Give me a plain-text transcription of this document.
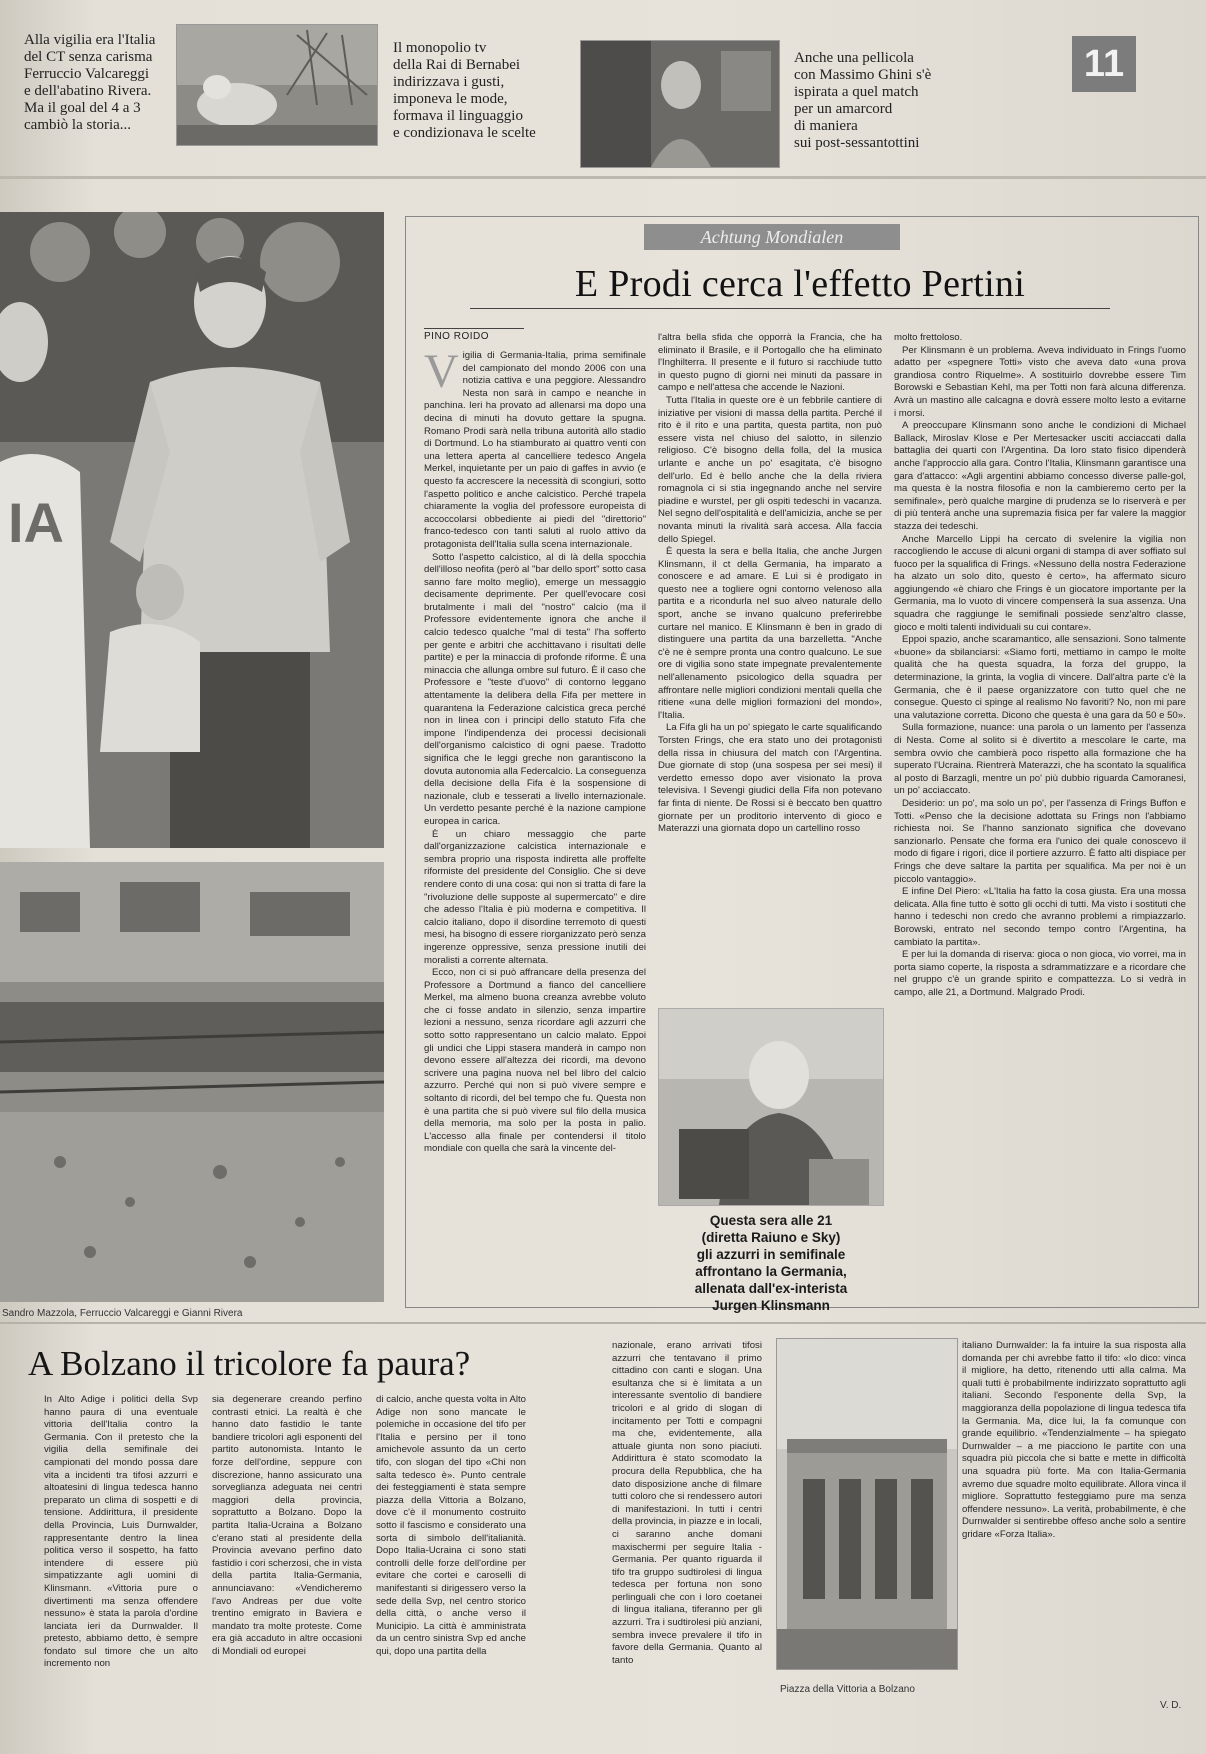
Alla vigilia era l'Italia
del CT senza carisma
Ferruccio Valcareggi
e dell'abatino Rivera.
Ma il goal del 4 a 3
cambiò la storia...
Il monopolio tv
della Rai di Bernabei
indirizzava i gusti,
imponeva le mode,
formava il linguaggio
e condizionava le scelte
Anche una pellicola
con Massimo Ghini s'è
ispirata a quel match
per un amarcord
di maniera
sui post-sessantottini
11
IA
Sandro Mazzola, Ferruccio Valcareggi e Gianni Rivera
Achtung Mondialen
E Prodi cerca l'effetto Pertini
PINO ROIDO
V igilia di Germania-Italia, prima semifinale del campionato del mondo 2006 con una notizia cattiva e una peggiore. Alessandro Nesta non sarà in campo e neanche in panchina. Ieri ha provato ad allenarsi ma dopo una decina di minuti ha dovuto gettare la spugna. Romano Prodi sarà nella tribuna autorità allo stadio di Dortmund. Lo ha stiamburato ai quattro venti con una lettera aperta al cancelliere tedesco Angela Merkel, inquietante per un paio di gaffes in avvio (e questo fa accrescere la necessità di scongiuri, sotto l'aspetto politico e anche calcistico. Perché trapela chiaramente la voglia del professore europeista di accoccolarsi obbediente ai piedi del "direttorio" franco-tedesco con tanti saluti al ruolo attivo da protagonista dell'Italia sulla scena internazionale.

Sotto l'aspetto calcistico, al di là della spocchia dell'illoso neofita (però al "bar dello sport" sotto casa sanno fare molto meglio), emerge un messaggio decisamente deprimente. Per quell'evocare così brutalmente i mali del "nostro" calcio (ma il Professore evidentemente ignora che anche il calcio tedesco qualche "mal di testa" l'ha sofferto per gente e arbitri che acchittavano i risultati delle partite) e per la minaccia di profonde riforme. È una minaccia che allunga ombre sul futuro. È il caso che Professore e "teste d'uovo" di contorno leggano attentamente la delibera della Fifa per mettere in quarantena la Federazione calcistica greca perché non in linea con i principi dello statuto Fifa che impone l'indipendenza dei processi decisionali dell'organismo calcistico di ogni paese. Tradotto significa che le leggi greche non garantiscono la dovuta autonomia alla Federcalcio. La conseguenza della decisione della Fifa è la sospensione di nazionale, club e tesserati a livello internazionale. Un verdetto pesante perché è la nazione campione europea in carica.

È un chiaro messaggio che parte dall'organizzazione calcistica internazionale e sembra proprio una risposta indiretta alle proffelte riformiste del presidente del Consiglio. Che si deve rendere conto di una cosa: qui non si tratta di fare la "rivoluzione delle supposte al supermercato" e dire che adesso l'Italia è più moderna e competitiva. Il calcio italiano, dopo il disordine terremoto di questi mesi, ha bisogno di essere riorganizzato però senza ingerenze oppressive, senza pressione inutili dei moralisti a corrente alternata.

Ecco, non ci si può affrancare della presenza del Professore a Dortmund a fianco del cancelliere Merkel, ma almeno buona creanza avrebbe voluto che ci fosse andato in silenzio, senza impartire lezioni a nessuno, senza ricordare agli azzurri che sotto sotto rappresentano un calcio malato. Eppoi gli undici che Lippi stasera manderà in campo non devono essere all'altezza dei ricordi, ma devono scrivere una pagina nuova nel bel libro del calcio azzurro. Perché qui non si può vivere sempre e soltanto di ricordi, del bel tempo che fu. Questa non è una partita che si può vivere sul filo della musica della memoria, ma solo per la posta in palio. L'accesso alla finale per contendersi il titolo mondiale con quella che sarà la vincente del-

l'altra bella sfida che opporrà la Francia, che ha eliminato il Brasile, e il Portogallo che ha eliminato l'Inghilterra. Il presente e il futuro si racchiude tutto in questo pugno di giorni nei minuti da passare in campo e nell'attesa che accende le Nazioni.

Tutta l'Italia in queste ore è un febbrile cantiere di iniziative per visioni di massa della partita. Perché il rito è il rito e una partita, questa partita, non può essere vista nel chiuso del salotto, in silenzio religioso. C'è bisogno della folla, del la musica urlante e anche un po' esagitata, c'è bisogno dell'urlo. Ed è bello anche che la della riviera romagnola ci si stia ingegnando anche nel servire piadine e wurstel, per gli ospiti tedeschi in vacanza. Nel segno dell'ospitalità e dell'amicizia, anche se per novanta minuti la rivalità sarà accesa. Alla faccia dello Spiegel.

È questa la sera e bella Italia, che anche Jurgen Klinsmann, il ct della Germania, ha imparato a conoscere e ad amare. E Lui si è prodigato in questo nee a togliere ogni contorno velenoso alla partita e a ricondurla nel suo alveo naturale dello sport, anche se invano qualcuno preferirebbe curtare nel manico. E Klinsmann è ben in grado di distinguere una partita da una barzelletta. "Anche c'è ne è sempre pronta una contro qualcuno. Le sue ore di vigilia sono state impegnate prevalentemente nell'allenamento psicologico della squadra per affrontare nelle migliori condizioni mentali quella che ritiene «una delle migliori formazioni del mondo», l'Italia.

La Fifa gli ha un po' spiegato le carte squalificando Torsten Frings, che era stato uno dei protagonisti della rissa in chiusura del match con l'Argentina. Due giornate di stop (una sospesa per sei mesi) il verdetto emesso dopo aver visionato la prova televisiva. I Sevengi giudici della Fifa non potevano far finta di niente. De Rossi si è beccato ben quattro giornate per un proditorio intervento di gioco e Materazzi una giornata dopo un cartellino rosso

Questa sera alle 21
(diretta Raiuno e Sky)
gli azzurri in semifinale
affrontano la Germania,
allenata dall'ex-interista
Jurgen Klinsmann

molto frettoloso.

Per Klinsmann è un problema. Aveva individuato in Frings l'uomo adatto per «spegnere Totti» visto che aveva dato «una prova grandiosa contro Riquelme». A sostituirlo dovrebbe essere Tim Borowski e Sebastian Kehl, ma per Totti non farà alcuna differenza. Avrà un mastino alle calcagna e dovrà essere molto lesto a evitarne i morsi.

A preoccupare Klinsmann sono anche le condizioni di Michael Ballack, Miroslav Klose e Per Mertesacker usciti acciaccati dalla battaglia dei quarti con l'Argentina. Da loro stato fisico dipenderà anche l'approccio alla gara. Contro l'Italia, Klinsmann garantisce una gara d'attacco: «Agli argentini abbiamo concesso diverse palle-gol, ma questa è la nostra filosofia e non la cambieremo certo per la semifinale», però qualche margine di prudenza se lo riserverà e per di più tenterà anche una supremazia fisica per far valere la maggior stazza dei tedeschi.

Anche Marcello Lippi ha cercato di svelenire la vigilia non raccogliendo le accuse di alcuni organi di stampa di aver soffiato sul fuoco per la squalifica di Frings. «Nessuno della nostra Federazione ha alzato un solo dito, questo è certo», ha affermato sicuro aggiungendo «è chiaro che Frings è un giocatore importante per la Germania, ma lo vuoto di vincere compenserà la sua assenza. Una squadra che raggiunge le semifinali possiede senz'altro classe, gioco e molti talenti individuali su cui contare».

Eppoi spazio, anche scaramantico, alle sensazioni. Sono talmente «buone» da sbilanciarsi: «Siamo forti, mettiamo in campo le molte qualità che ha questa squadra, la forza del gruppo, la determinazione, la grinta, la voglia di vincere. Dall'altra parte c'è la Germania, che è il paese organizzatore con tutto quel che ne consegue. Questo ci spinge al realismo No favoriti? No, non mi pare una valutazione corretta. Dicono che questa è una gara da 50 e 50».

Sulla formazione, nuance: una parola o un lamento per l'assenza di Nesta. Come al solito si è divertito a mescolare le carte, ma sembra ovvio che cambierà poco rispetto alla formazione che ha superato l'Ucraina. Rientrerà Materazzi, che ha scontato la squalifica al posto di Barzagli, mentre un po' più dubbio riguarda Camoranesi, un po' acciaccato.

Desiderio: un po', ma solo un po', per l'assenza di Frings Buffon e Totti. «Penso che la decisione adottata su Frings non l'abbiamo richiesta noi. Se l'hanno sanzionato significa che dovevano sanzionarlo. Pensate che forma era l'unico dei quale conoscevo il modo di figare i rigori, dice il portiere azzurro. È fatto alti dispiace per Frings che deve saltare la partita per squalifica. Ma per noi è un piccolo vantaggio».

E infine Del Piero: «L'Italia ha fatto la cosa giusta. Era una mossa delicata. Alla fine tutto è sotto gli occhi di tutti. Ma visto i sostituti che hanno i tedeschi non credo che avranno problemi a rimpiazzarlo. Borowski, entrato nel secondo tempo contro l'Argentina, ha cambiato la partita».

E per lui la domanda di riserva: gioca o non gioca, vio vorrei, ma in porta siamo coperte, la risposta a sdrammatizzare e a ricordare che nel gruppo c'è un grande spirito e compattezza. Lo si vedrà in campo, alle 21, a Dortmund. Malgrado Prodi.

A Bolzano il tricolore fa paura?

In Alto Adige i politici della Svp hanno paura di una eventuale vittoria dell'Italia contro la Germania. Con il pretesto che la vigilia della semifinale dei campionati del mondo possa dare vita a incidenti tra tifosi azzurri e altoatesini di lingua tedesca hanno preparato un clima di sospetti e di tensione. Addirittura, il presidente della Provincia, Luis Durnwalder, rappresentante dentro la linea politica verso il sospetto, ha fatto intendere di essere più simpatizzante agli uomini di Klinsmann. «Vittoria pure o divertimenti ma senza offendere nessuno» è stata la parola d'ordine lanciata ieri da Durnwalder. Il pretesto, abbiamo detto, è sempre fondato sul timore che un alto incremento non

sia degenerare creando perfino contrasti etnici. La realtà è che hanno dato fastidio le tante bandiere tricolori agli esponenti del partito autonomista. Intanto le forze dell'ordine, seppure con discrezione, hanno assicurato una sorveglianza adeguata nei centri maggiori della provincia, soprattutto a Bolzano. Dopo la partita Italia-Ucraina a Bolzano c'erano stati al presidente della Provincia avevano perfino dato fastidio i cori scherzosi, che in vista della partita Italia-Germania, annunciavano: «Vendicheremo l'avo Andreas per due volte trentino emigrato in Baviera e mandato tra molte proteste. Come era già accaduto in altre occasioni di Mondiali od europei

di calcio, anche questa volta in Alto Adige non sono mancate le polemiche in occasione del tifo per l'Italia e persino per il tono amichevole assunto da un certo tifo, con slogan del tipo «Chi non salta tedesco è». Punto centrale dei festeggiamenti è stata sempre piazza della Vittoria a Bolzano, dove c'è il monumento costruito sotto il fascismo e considerato una sorta di simbolo dell'italianità. Dopo Italia-Ucraina ci sono stati controlli delle forze dell'ordine per evitare che cortei e caroselli di manifestanti si dirigessero verso la sede della Svp, nel centro storico della città, o anche verso il Municipio. La città è amministrata da un centro sinistra Svp ed anche qui, dopo una partita della

nazionale, erano arrivati tifosi azzurri che tentavano il primo cittadino con canti e slogan. Una esultanza che si è limitata a un interessante sventolio di bandiere tricolori e al grido di slogan di incitamento per Totti e compagni ma che, evidentemente, alla attuale giunta non sono piaciuti. Addirittura è stato scomodato la procura della Repubblica, che ha dato disposizione anche di filmare tutti coloro che si rendessero autori di manifestazioni. In tutti i centri della provincia, in piazze e in locali, ci saranno anche domani maxischermi per seguire Italia - Germania. Per quanto riguarda il tifo tra gruppo sudtirolesi di lingua tedesca per fortuna non sono perlinguali che con i loro coetanei di lingua italiana, tiferanno per gli azzurri. Tra i sudtirolesi più anziani, sembra invece prevalere il tifo in favore della Germania. Quanto al tanto

Piazza della Vittoria a Bolzano

italiano Durnwalder: la fa intuire la sua risposta alla domanda per chi avrebbe fatto il tifo: «Io dico: vinca il migliore, ha detto, ritenendo utti alla calma. Ma quali tutti è probabilmente indirizzato soprattutto agli italiani. Secondo l'esponente della Svp, la maggioranza della popolazione di lingua tedesca tifa la Germania. Ma, dice lui, la fa comunque con grande equilibrio. «Tendenzialmente – ha spiegato Durnwalder – a me piacciono le partite con una squadra più piccola che si batte e mette in difficoltà una squadra più forte. Ma con Italia-Germania avremo due squadre molto equilibrate. Allora vinca il migliore. Soprattutto festeggiamo pure ma senza offendere nessuno». La verità, probabilmente, è che Durnwalder si sentirebbe offeso anche solo a sentire gridare «Forza Italia».

V. D.
